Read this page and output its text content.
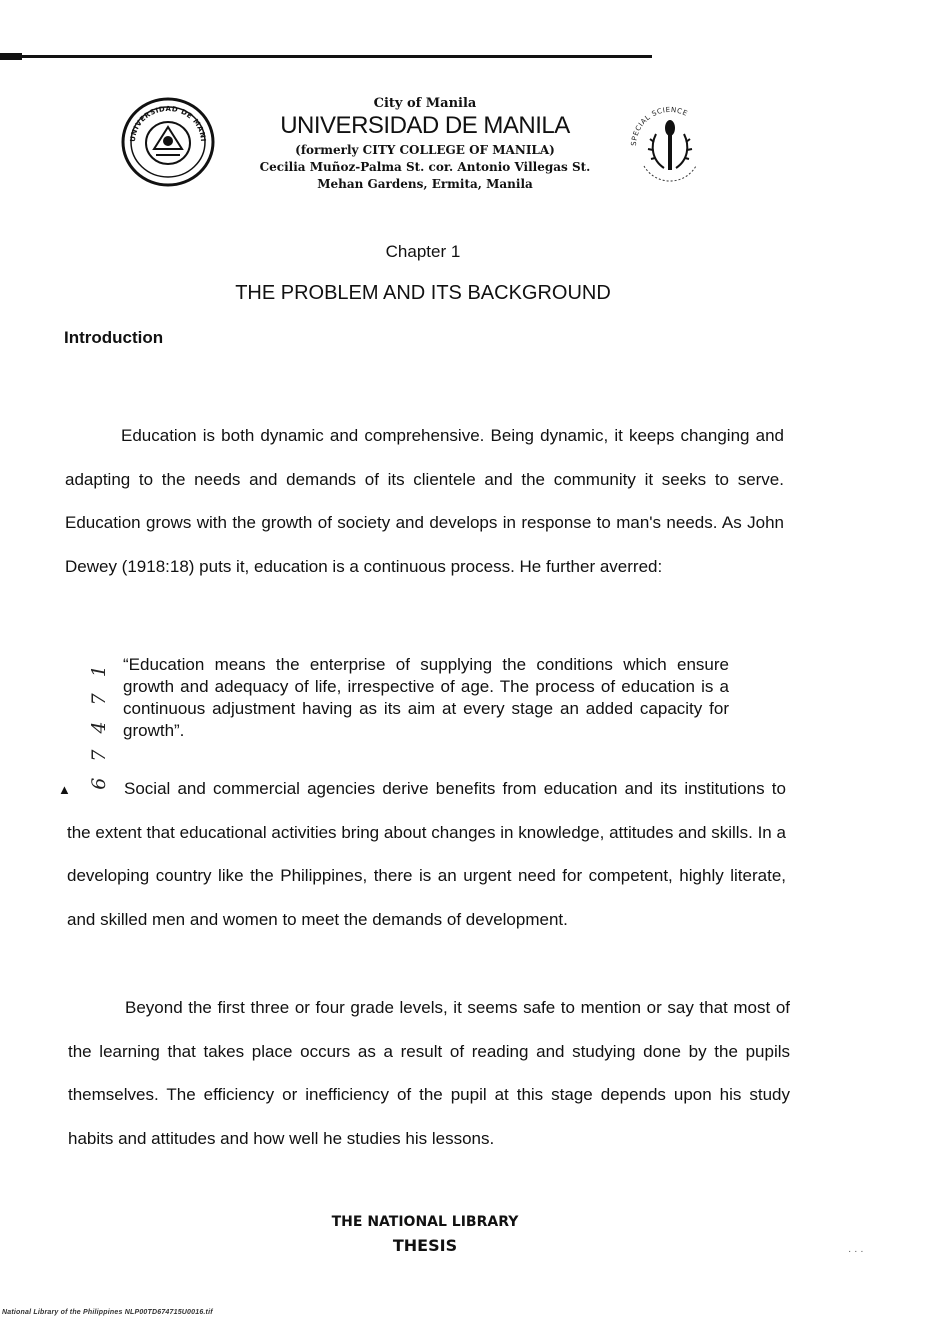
UNIVERSIDAD DE MANI
City of Manila
UNIVERSIDAD DE MANILA
(formerly CITY COLLEGE OF MANILA)
Cecilia Muñoz-Palma St. cor. Antonio Villegas St.
Mehan Gardens, Ermita, Manila
SPECIAL SCIENCE
Chapter 1
THE PROBLEM AND ITS BACKGROUND
Introduction

Education is both dynamic and comprehensive. Being dynamic, it keeps changing and adapting to the needs and demands of its clientele and the community it seeks to serve. Education grows with the growth of society and develops in response to man's needs. As John Dewey (1918:18) puts it, education is a continuous process. He further averred:

6 7 4 7 1
▲

“Education means the enterprise of supplying the conditions which ensure growth and adequacy of life, irrespective of age. The process of education is a continuous adjustment having as its aim at every stage an added capacity for growth”.

Social and commercial agencies derive benefits from education and its institutions to the extent that educational activities bring about changes in knowledge, attitudes and skills. In a developing country like the Philippines, there is an urgent need for competent, highly literate, and skilled men and women to meet the demands of development.

Beyond the first three or four grade levels, it seems safe to mention or say that most of the learning that takes place occurs as a result of reading and studying done by the pupils themselves. The efficiency or inefficiency of the pupil at this stage depends upon his study habits and attitudes and how well he studies his lessons.

THE NATIONAL LIBRARY
THESIS	· · ·
National Library of the Philippines NLP00TD674715U0016.tif
